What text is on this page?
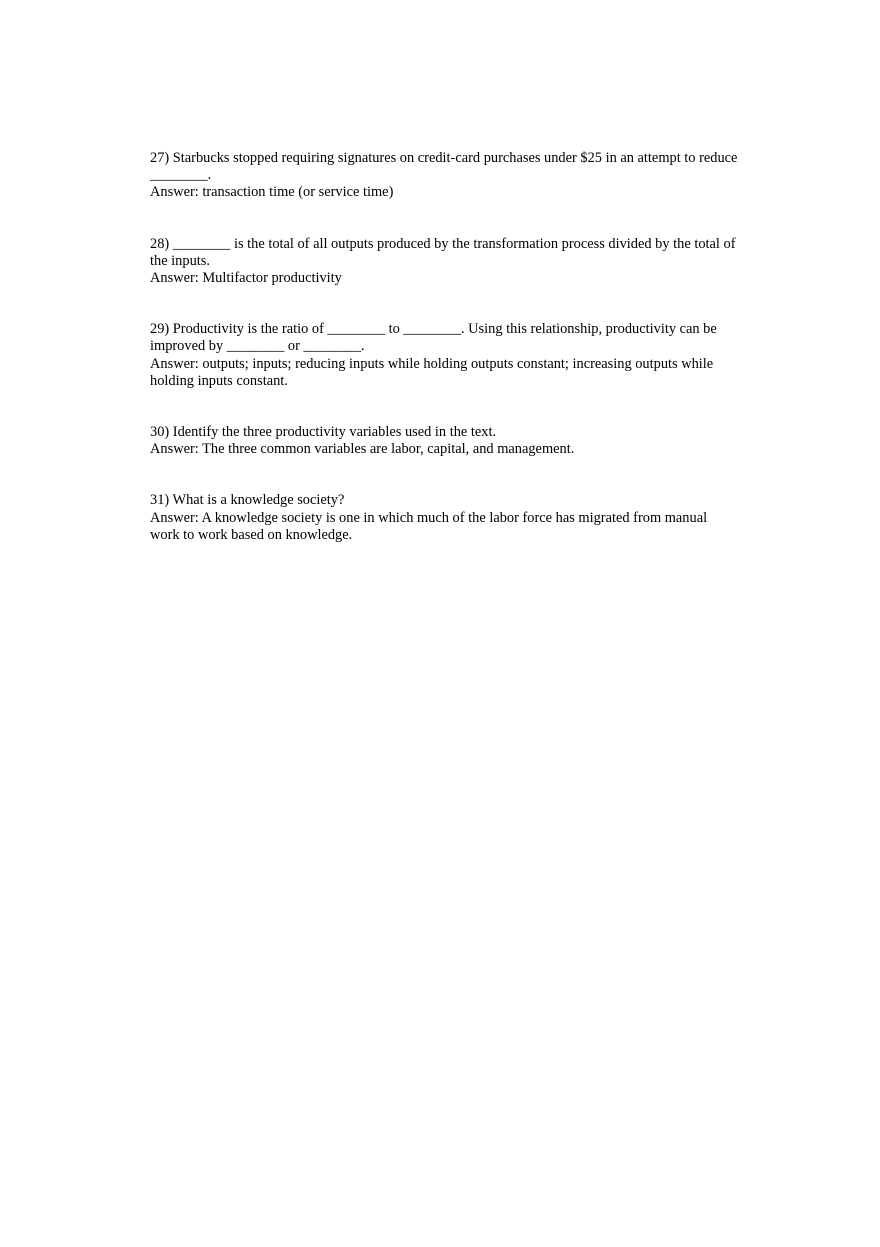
27) Starbucks stopped requiring signatures on credit-card purchases under $25 in an attempt to reduce ________.

Answer: transaction time (or service time)

28) ________ is the total of all outputs produced by the transformation process divided by the total of the inputs.

Answer: Multifactor productivity

29) Productivity is the ratio of ________ to ________. Using this relationship, productivity can be improved by ________ or ________.

Answer: outputs; inputs; reducing inputs while holding outputs constant; increasing outputs while holding inputs constant.

30) Identify the three productivity variables used in the text.

Answer: The three common variables are labor, capital, and management.

31) What is a knowledge society?

Answer: A knowledge society is one in which much of the labor force has migrated from manual work to work based on knowledge.
